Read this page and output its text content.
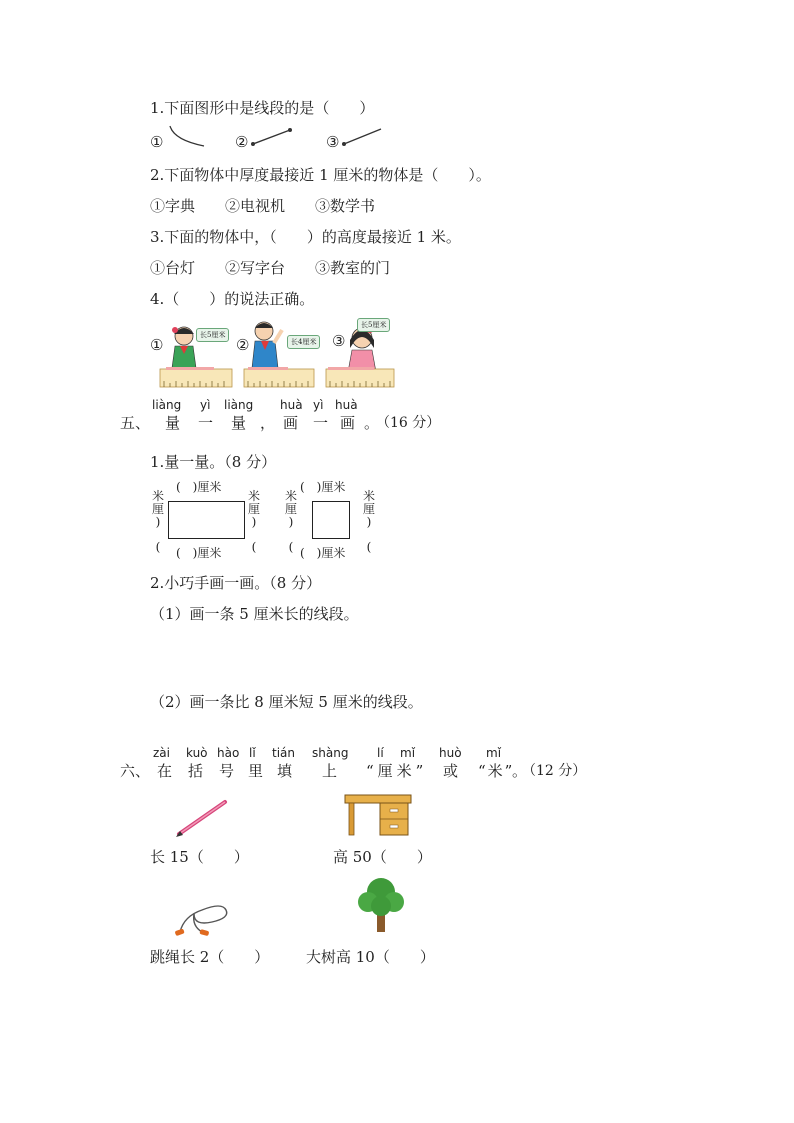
1.下面图形中是线段的是（　　）
①	②	③
2.下面物体中厚度最接近 1 厘米的物体是（　　）。
①字典　　②电视机　　③数学书
3.下面的物体中，（　　）的高度最接近 1 米。
①台灯　　②写字台　　③教室的门
4.（　　）的说法正确。
①
长5厘米
②	长4厘米 ③
长5厘米
五、
liàng yì liàng huà yì huà
量 一 量 ， 画 一 画 。
（16 分）
1.量一量。（8 分）
(　)厘米
米
厘
)
(
米
厘
)
(
(　)厘米
(　)厘米
米
厘
)
(
米
厘
)
(
(　)厘米
2.小巧手画一画。（8 分）
（1）画一条 5 厘米长的线段。
（2）画一条比 8 厘米短 5 厘米的线段。
六、
zài kuò hào lǐ tián shàng lí mǐ huò mǐ
在 括 号 里 填 上 “厘米” 或 “米”
。
（12 分）
长 15（　　）	高 50（　　）
跳绳长 2（　　） 大树高 10（　　）
